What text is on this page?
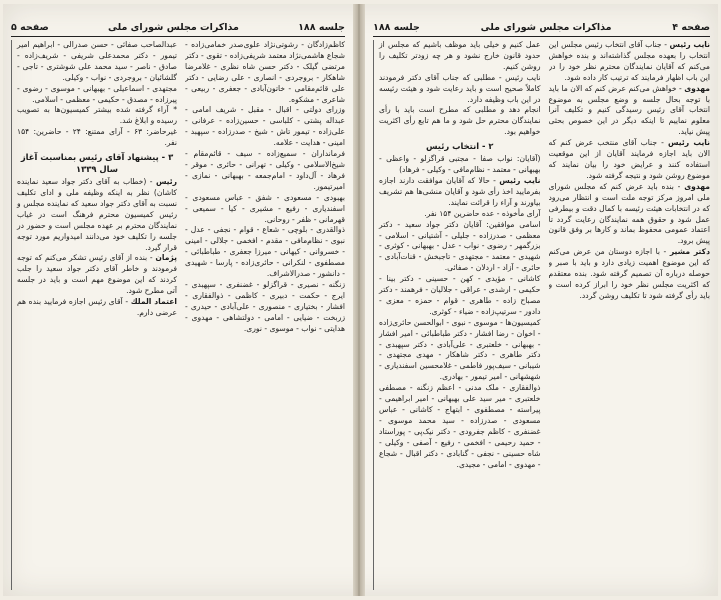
جلسه ۱۸۸
مذاکرات مجلس شورای ملی
صفحه ۵

کاظم‌زادگان - رشوتی‌نژاد علوی‌صدر خمامی‌زاده - شجاع هاشمی‌نژاد معتمد شریفی‌زاده - تقوی - دکتر مرتضی گیلک - دکتر حسن شاه نظری - غلامرضا شاهکار - بروجردی - انصاری - علی رضایی - دکتر علی قائم‌مقامی - خاتون‌آبادی - جعفری - ربیعی - شاعری - مشکوه.

وزرای دولتی - اقبال - مقبل - شریف امامی - عبداله پشتی - کلباسی - حسین‌زاده - عرفانی - علی‌زاده - تیمور تاش - شیخ - صدرزاده - سپهبد - امینی - هدایت - علامه.

فرمانداران - سمیع‌زاده - سیف - قائم‌مقام - شیخ‌الاسلامی - وکیلی - تهرانی - حائری - موقر - فرهاد - آل‌داود - امام‌جمعه - بهبهانی - نمازی - امیرتیمور.

بهبودی - مسعودی - شفق - عباس مسعودی - اسفندیاری - رفیع - مشیری - کیا - سمیعی - قهرمانی - ظفر - روحانی.

ذوالقدری - بلوچی - شعاع - قوام - نجفی - عدل - نبوی - نظام‌مافی - مقدم - افخمی - جلالی - امینی - خسروانی - کیهانی - میرزا جعفری - طباطبائی - مصطفوی - لنکرانی - حائری‌زاده - پارسا - شهیدی - دانشور - صدرالاشراف.

زنگنه - نصیری - قراگزلو - غضنفری - سپهبدی - ایرج - حکمت - دبیری - کاظمی - ذوالفقاری - افشار - بختیاری - منصوری - علی‌آبادی - حیدری - زربخت - ضیایی - امامی - دولتشاهی - مهدوی - هدایتی - نواب - موسوی - نوری.

عبدالصاحب صفائی - حسن صدرالی - ابراهیم امیر تیمور - دکتر محمدعلی شریفی - شریف‌زاده - صادق - ناصر - سید محمد علی شوشتری - تاجی - گلشائیان - بروجردی - نواب - وکیلی.

مجتهدی - اسماعیلی - بهبهانی - موسوی - رضوی - پیرزاده - مصدق - حکیمی - معظمی - اسلامی.

* آراء گرفته شده بیشتر کمیسیون‌ها به تصویب رسیده و ابلاغ شد.

غیرحاضر: ۶۳ - آرای ممتنع: ۲۴ - حاضرین: ۱۵۴ نفر.

۳ - پیشنهاد آقای رئیس بمناسبت آغاز سال ۱۳۳۹

رئیس - (خطاب به آقای دکتر جواد سعید نماینده کاشان) نظر به اینکه وظیفه ملی و ادای تکلیف نسبت به آقای دکتر جواد سعید که نماینده مجلس و رئیس کمیسیون محترم فرهنگ است در غیاب نمایندگان محترم بر عهده مجلس است و حضور در جلسه را تکلیف خود می‌دانند امیدواریم مورد توجه قرار گیرد.

پژمان - بنده از آقای رئیس تشکر می‌کنم که توجه فرمودند و خاطر آقای دکتر جواد سعید را جلب کردند که این موضوع مهم است و باید در جلسه آتی مطرح شود.

اعتماد الملك - آقای رئیس اجازه فرمایید بنده هم عرضی دارم.

صفحه ۴
مذاکرات مجلس شورای ملی
جلسه ۱۸۸

نایب رئیس - جناب آقای انتخاب رئیس مجلس این انتخاب را بعهده مجلس گذاشته‌اند و بنده خواهش می‌کنم که آقایان نمایندگان محترم نظر خود را در این باب اظهار فرمایند که ترتیب کار داده شود.

مهدوی - خواهش می‌کنم عرض کنم که الان ما باید با توجه بحال جلسه و وضع مجلس به موضوع انتخاب آقای رئیس رسیدگی کنیم و تکلیف آنرا معلوم نماییم تا اینکه دیگر در این خصوص بحثی پیش نیاید.

نایب رئیس - جناب آقای منتخب عرض کنم که الان باید اجازه فرمایند آقایان از این موقعیت استفاده کنند و عرایض خود را بیان نمایند که موضوع روشن شود و نتیجه گرفته شود.

مهدوی - بنده باید عرض کنم که مجلس شورای ملی امروز مرکز توجه ملت است و انتظار می‌رود که در انتخابات هیئت رئیسه با کمال دقت و بیطرفی عمل شود و حقوق همه نمایندگان رعایت گردد تا اعتماد عمومی محفوظ بماند و کارها بر وفق قانون پیش برود.

دکتر مشیر - با اجازه دوستان من عرض می‌کنم که این موضوع اهمیت زیادی دارد و باید با صبر و حوصله درباره آن تصمیم گرفته شود. بنده معتقدم که اکثریت مجلس نظر خود را ابراز کرده است و باید رأی گرفته شود تا تکلیف روشن گردد.

عمل کنیم و خیلی باید موظف باشیم که مجلس از حدود قانون خارج نشود و هر چه زودتر تکلیف را روشن کنیم.

نایب رئیس - مطلبی که جناب آقای دکتر فرمودند کاملاً صحیح است و باید رعایت شود و هیئت رئیسه در این باب وظیفه دارد.

انجام دهد و مطلبی که مطرح است باید با رأی نمایندگان محترم حل شود و ما هم تابع رأی اکثریت خواهیم بود.

۲ - انتخاب رئیس

(آقایان: نواب صفا - مجتبی قراگزلو - واعظی - بهبهانی - معتمد - نظام‌مافی - وکیلی - فرهاد)

نایب رئیس - حالا که آقایان موافقت دارند اجازه بفرمایید اخذ رأی شود و آقایان منشی‌ها هم تشریف بیاورند و آراء را قرائت نمایند.

آرای مأخوذه - عده حاضرین ۱۵۴ نفر.

اسامی موافقین: آقایان دکتر جواد سعید - دکتر معظمی - صدرزاده - جلیلی - آشتیانی - اسلامی - بزرگمهر - رضوی - نواب - عدل - بهبهانی - کوثری - شهیدی - معتمد - مجتهدی - تاجبخش - قنات‌آبادی - حائری - آزاد - اردلان - صفائی.

کاشانی - مؤیدی - کهن - حسینی - دکتر بینا - حکیمی - ارشدی - عراقی - جلالیان - فرهمند - دکتر مصباح زاده - طاهری - قوام - حمزه - معزی - دادور - سرتیپ‌زاده - ضیاء - کوثری.

کمیسیون‌ها - موسوی - نبوی - ابوالحسن حائری‌زاده - اخوان - رضا افشار - دکتر طباطبائی - امیر افشار - بهبهانی - خلعتبری - علی‌آبادی - دکتر سپهبدی - دکتر طاهری - دکتر شاهکار - مهدی مجتهدی - شیبانی - سیف‌پور فاطمی - غلامحسین اسفندیاری - شهشهانی - امیر تیمور - بهادری.

ذوالفقاری - ملک مدنی - اعظم زنگنه - مصطفی خلعتبری - میر سید علی بهبهانی - امیر ابراهیمی - پیراسته - مصطفوی - ابتهاج - کاشانی - عباس مسعودی - صدرزاده - سید محمد موسوی - غضنفری - کاظم جفرودی - دکتر نیک‌پی - پوراستاد - حمید رحیمی - افخمی - رفیع - آصفی - وکیلی - شاه حسینی - نجفی - گنابادی - دکتر اقبال - شجاع - مهدوی - امامی - مجیدی.
